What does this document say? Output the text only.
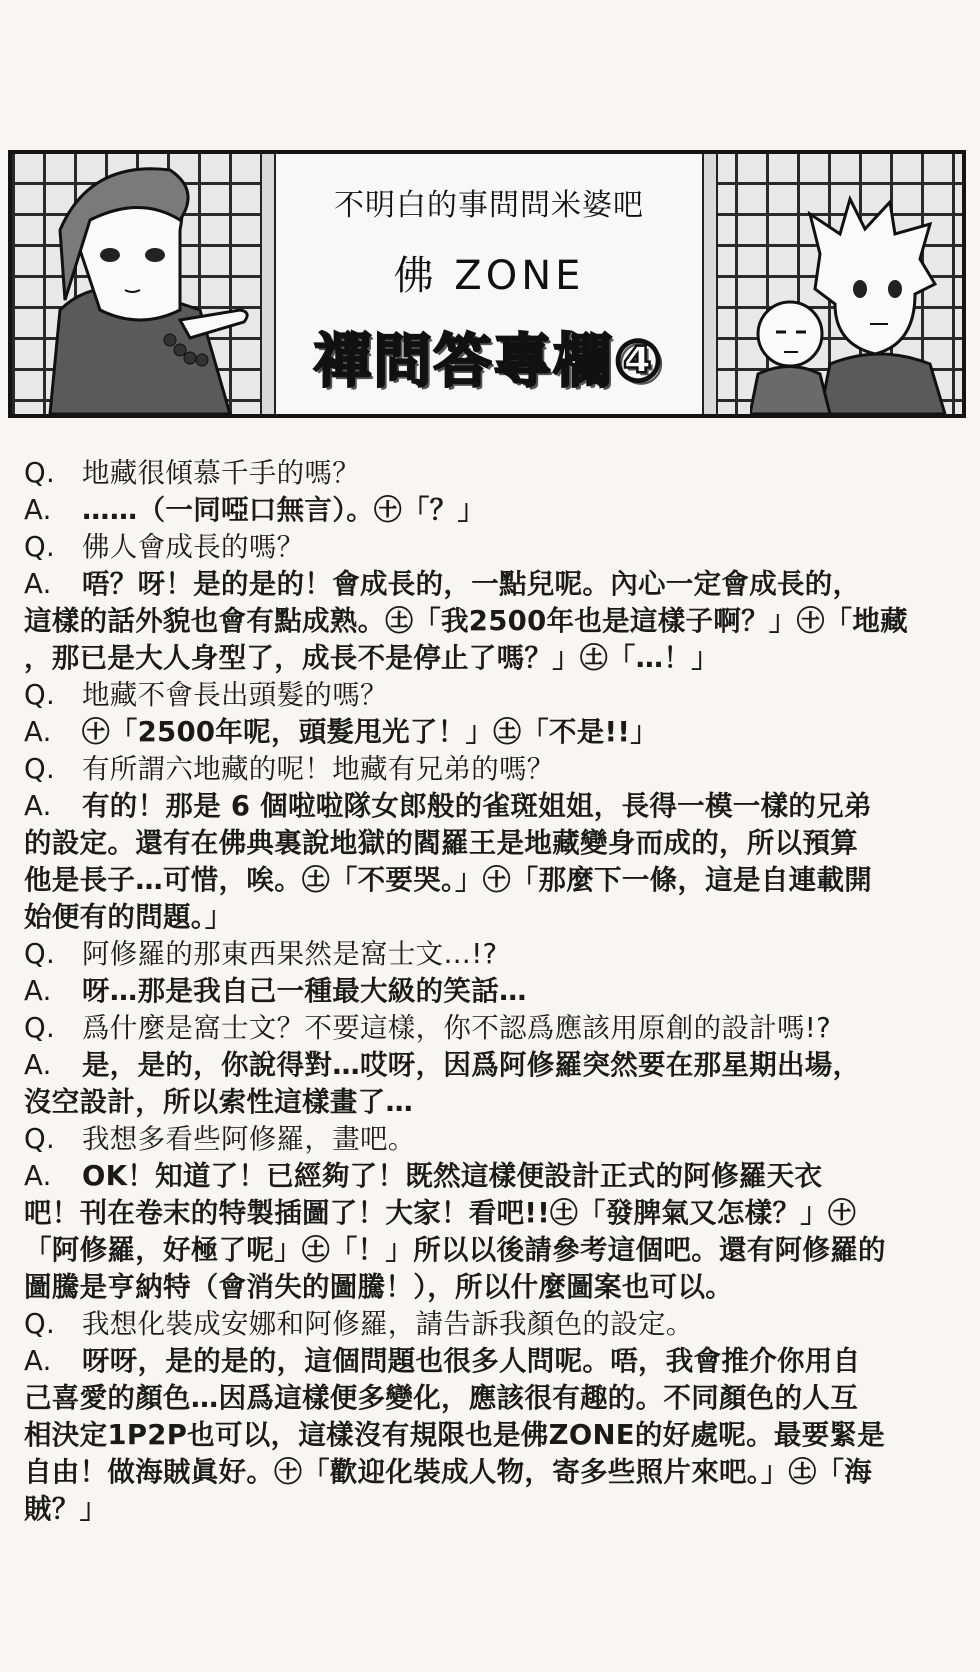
不明白的事問問米婆吧
佛 ZONE
禪問答專欄④
Q. 地藏很傾慕千手的嗎？
A.	……（一同啞口無言）。㊉「？」
Q. 佛人會成長的嗎？
A.	唔？呀！是的是的！會成長的，一點兒呢。內心一定會成長的，
這樣的話外貌也會有點成熟。㊏「我2500年也是這樣子啊？」㊉「地藏
，那已是大人身型了，成長不是停止了嗎？」㊏「…！」
Q. 地藏不會長出頭髮的嗎？
A.	㊉「2500年呢，頭髮甩光了！」㊏「不是!!」
Q. 有所謂六地藏的呢！地藏有兄弟的嗎？
A.	有的！那是 6 個啦啦隊女郎般的雀斑姐姐，長得一模一樣的兄弟
的設定。還有在佛典裏說地獄的閻羅王是地藏變身而成的，所以預算
他是長子…可惜，唉。㊏「不要哭。」㊉「那麼下一條，這是自連載開
始便有的問題。」
Q. 阿修羅的那東西果然是窩士文…!?
A.	呀…那是我自己一種最大級的笑話…
Q. 爲什麼是窩士文？不要這樣，你不認爲應該用原創的設計嗎!?
A.	是，是的，你說得對…哎呀，因爲阿修羅突然要在那星期出場，
沒空設計，所以索性這樣畫了…
Q. 我想多看些阿修羅，畫吧。
A.	OK！知道了！已經夠了！既然這樣便設計正式的阿修羅天衣
吧！刊在卷末的特製插圖了！大家！看吧!!㊏「發脾氣又怎樣？」㊉
「阿修羅，好極了呢」㊏「！」所以以後請參考這個吧。還有阿修羅的
圖騰是亨納特（會消失的圖騰！），所以什麼圖案也可以。
Q. 我想化裝成安娜和阿修羅，請告訴我顏色的設定。
A.	呀呀，是的是的，這個問題也很多人問呢。唔，我會推介你用自
己喜愛的顏色…因爲這樣便多變化，應該很有趣的。不同顏色的人互
相決定1P2P也可以，這樣沒有規限也是佛ZONE的好處呢。最要緊是
自由！做海賊眞好。㊉「歡迎化裝成人物，寄多些照片來吧。」㊏「海
賊？」
